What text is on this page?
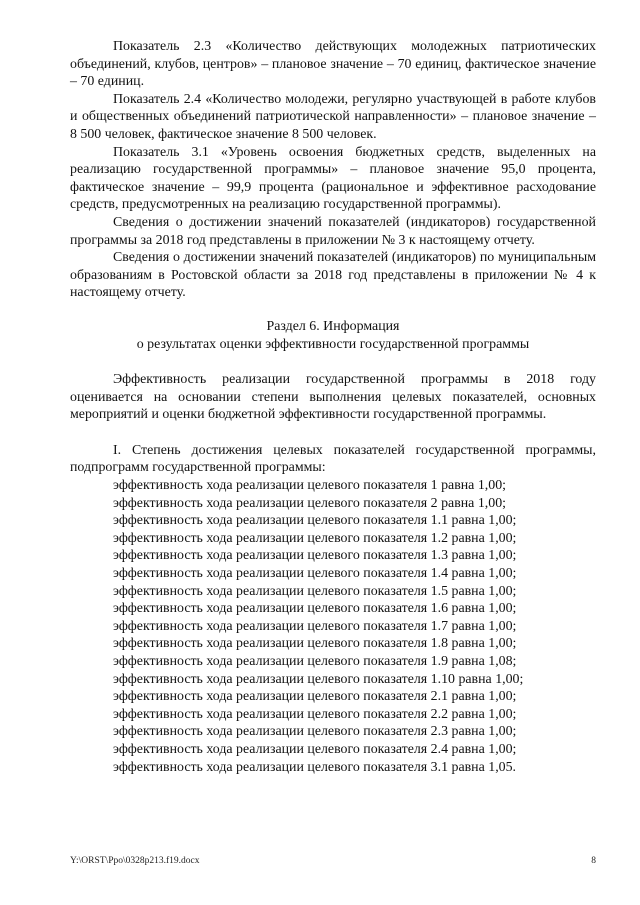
Показатель 2.3 «Количество действующих молодежных патриотических объединений, клубов, центров» – плановое значение – 70 единиц, фактическое значение – 70 единиц.

Показатель 2.4 «Количество молодежи, регулярно участвующей в работе клубов и общественных объединений патриотической направленности» – плановое значение – 8 500 человек, фактическое значение 8 500 человек.

Показатель 3.1 «Уровень освоения бюджетных средств, выделенных на реализацию государственной программы» – плановое значение 95,0 процента, фактическое значение – 99,9 процента (рациональное и эффективное расходование средств, предусмотренных на реализацию государственной программы).

Сведения о достижении значений показателей (индикаторов) государственной программы за 2018 год представлены в приложении № 3 к настоящему отчету.

Сведения о достижении значений показателей (индикаторов) по муниципальным образованиям в Ростовской области за 2018 год представлены в приложении № 4 к настоящему отчету.

Раздел 6. Информация
о результатах оценки эффективности государственной программы

Эффективность реализации государственной программы в 2018 году оценивается на основании степени выполнения целевых показателей, основных мероприятий и оценки бюджетной эффективности государственной программы.

I. Степень достижения целевых показателей государственной программы, подпрограмм государственной программы:

эффективность хода реализации целевого показателя 1 равна 1,00;
эффективность хода реализации целевого показателя 2 равна 1,00;
эффективность хода реализации целевого показателя 1.1 равна 1,00;
эффективность хода реализации целевого показателя 1.2 равна 1,00;
эффективность хода реализации целевого показателя 1.3 равна 1,00;
эффективность хода реализации целевого показателя 1.4 равна 1,00;
эффективность хода реализации целевого показателя 1.5 равна 1,00;
эффективность хода реализации целевого показателя 1.6 равна 1,00;
эффективность хода реализации целевого показателя 1.7 равна 1,00;
эффективность хода реализации целевого показателя 1.8 равна 1,00;
эффективность хода реализации целевого показателя 1.9 равна 1,08;
эффективность хода реализации целевого показателя 1.10 равна 1,00;
эффективность хода реализации целевого показателя 2.1 равна 1,00;
эффективность хода реализации целевого показателя 2.2 равна 1,00;
эффективность хода реализации целевого показателя 2.3 равна 1,00;
эффективность хода реализации целевого показателя 2.4 равна 1,00;
эффективность хода реализации целевого показателя 3.1 равна 1,05.
Y:\ORST\Ppo\0328p213.f19.docx	8
